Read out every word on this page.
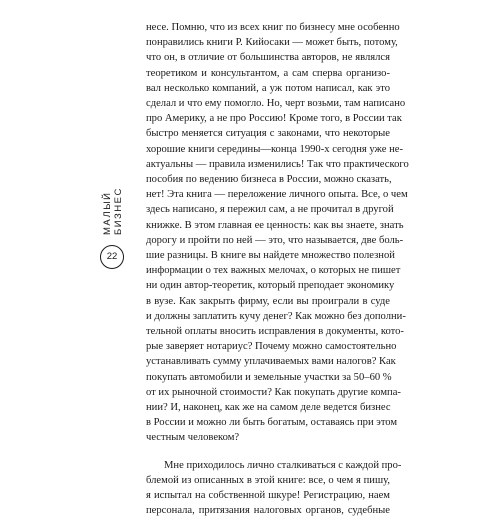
МАЛЫЙ БИЗНЕС
22

несе. Помню, что из всех книг по бизнесу мне особенно
понравились книги Р. Кийосаки — может быть, потому,
что он, в отличие от большинства авторов, не являлся
теоретиком и консультантом, а сам сперва организо-
вал несколько компаний, а уж потом написал, как это
сделал и что ему помогло. Но, черт возьми, там написано
про Америку, а не про Россию! Кроме того, в России так
быстро меняется ситуация с законами, что некоторые
хорошие книги середины—конца 1990-х сегодня уже не-
актуальны — правила изменились! Так что практического
пособия по ведению бизнеса в России, можно сказать,
нет! Эта книга — переложение личного опыта. Все, о чем
здесь написано, я пережил сам, а не прочитал в другой
книжке. В этом главная ее ценность: как вы знаете, знать
дорогу и пройти по ней — это, что называется, две боль-
шие разницы. В книге вы найдете множество полезной
информации о тех важных мелочах, о которых не пишет
ни один автор-теоретик, который преподает экономику
в вузе. Как закрыть фирму, если вы проиграли в суде
и должны заплатить кучу денег? Как можно без дополни-
тельной оплаты вносить исправления в документы, кото-
рые заверяет нотариус? Почему можно самостоятельно
устанавливать сумму уплачиваемых вами налогов? Как
покупать автомобили и земельные участки за 50–60 %
от их рыночной стоимости? Как покупать другие компа-
нии? И, наконец, как же на самом деле ведется бизнес
в России и можно ли быть богатым, оставаясь при этом
честным человеком?

Мне приходилось лично сталкиваться с каждой про-
блемой из описанных в этой книге: все, о чем я пишу,
я испытал на собственной шкуре! Регистрацию, наем
персонала, притязания налоговых органов, судебные
